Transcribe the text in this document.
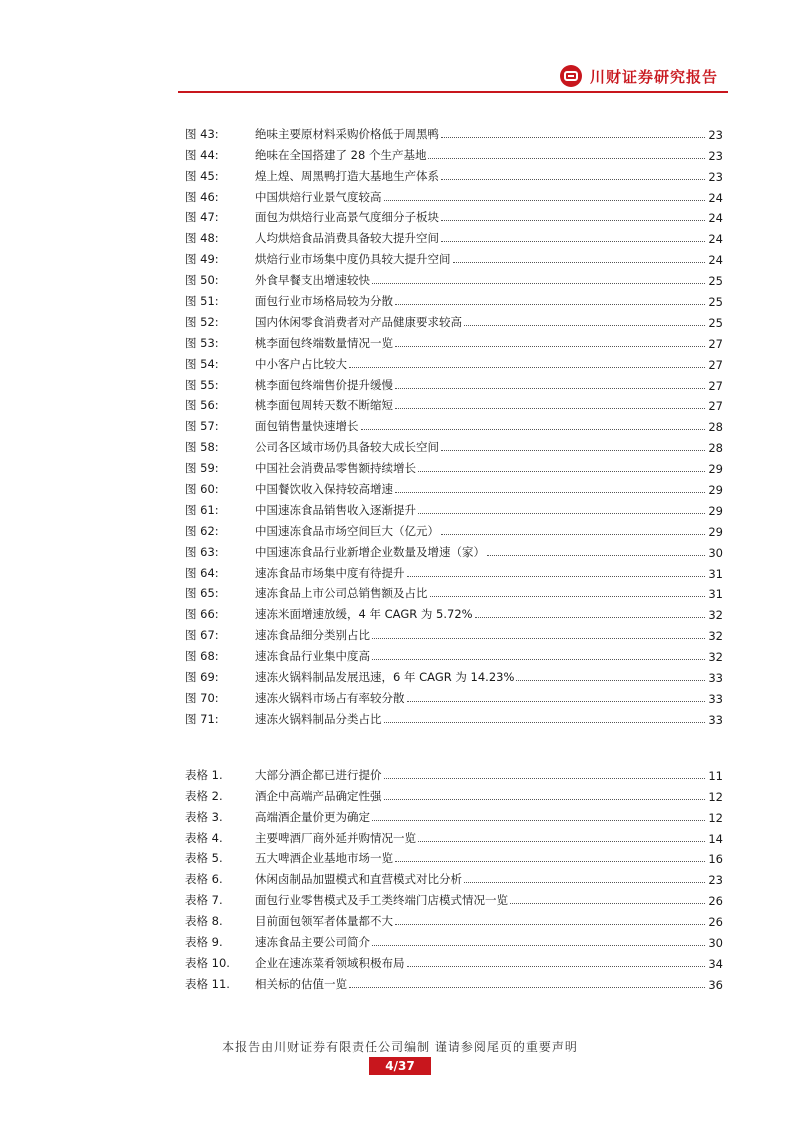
川财证券研究报告
图 43:	绝味主要原材料采购价格低于周黑鸭	23
图 44:	绝味在全国搭建了 28 个生产基地	23
图 45:	煌上煌、周黑鸭打造大基地生产体系	23
图 46:	中国烘焙行业景气度较高	24
图 47:	面包为烘焙行业高景气度细分子板块	24
图 48:	人均烘焙食品消费具备较大提升空间	24
图 49:	烘焙行业市场集中度仍具较大提升空间	24
图 50:	外食早餐支出增速较快	25
图 51:	面包行业市场格局较为分散	25
图 52:	国内休闲零食消费者对产品健康要求较高	25
图 53:	桃李面包终端数量情况一览	27
图 54:	中小客户占比较大	27
图 55:	桃李面包终端售价提升缓慢	27
图 56:	桃李面包周转天数不断缩短	27
图 57:	面包销售量快速增长	28
图 58:	公司各区域市场仍具备较大成长空间	28
图 59:	中国社会消费品零售额持续增长	29
图 60:	中国餐饮收入保持较高增速	29
图 61:	中国速冻食品销售收入逐渐提升	29
图 62:	中国速冻食品市场空间巨大（亿元）	29
图 63:	中国速冻食品行业新增企业数量及增速（家）	30
图 64:	速冻食品市场集中度有待提升	31
图 65:	速冻食品上市公司总销售额及占比	31
图 66:	速冻米面增速放缓，4 年 CAGR 为 5.72%	32
图 67:	速冻食品细分类别占比	32
图 68:	速冻食品行业集中度高	32
图 69:	速冻火锅料制品发展迅速，6 年 CAGR 为 14.23%	33
图 70:	速冻火锅料市场占有率较分散	33
图 71:	速冻火锅料制品分类占比	33
表格 1.	大部分酒企都已进行提价	11
表格 2.	酒企中高端产品确定性强	12
表格 3.	高端酒企量价更为确定	12
表格 4.	主要啤酒厂商外延并购情况一览	14
表格 5.	五大啤酒企业基地市场一览	16
表格 6.	休闲卤制品加盟模式和直营模式对比分析	23
表格 7.	面包行业零售模式及手工类终端门店模式情况一览	26
表格 8.	目前面包领军者体量都不大	26
表格 9.	速冻食品主要公司简介	30
表格 10.	企业在速冻菜肴领域积极布局	34
表格 11.	相关标的估值一览	36
本报告由川财证券有限责任公司编制 谨请参阅尾页的重要声明
4/37
